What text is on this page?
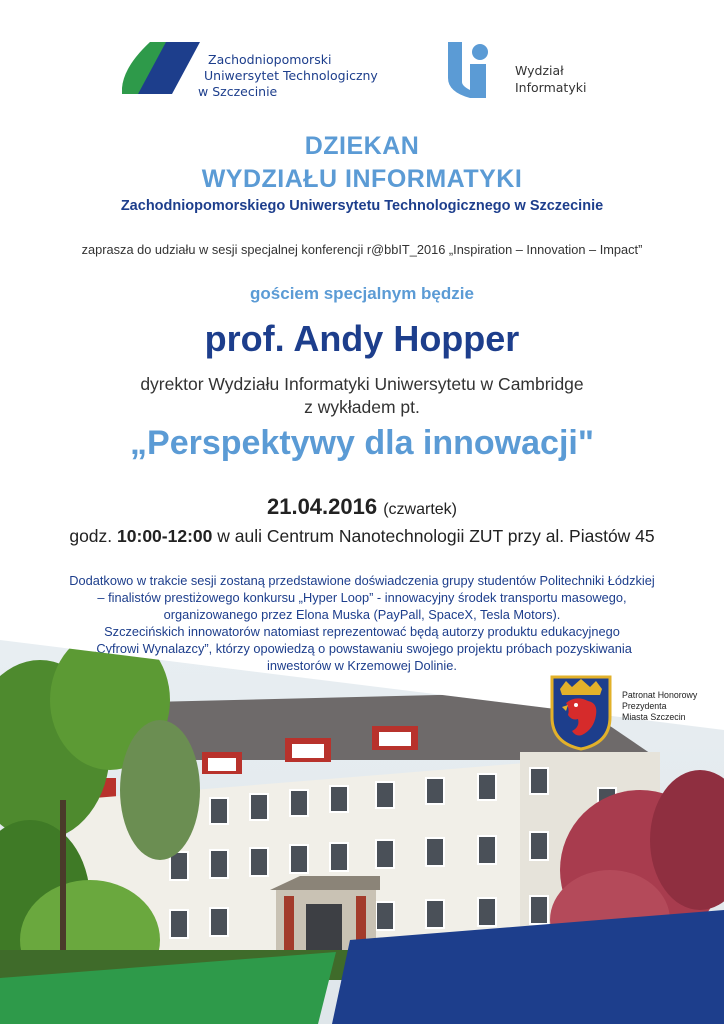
Zachodniopomorski
Uniwersytet Technologiczny
w Szczecinie
Wydział
Informatyki
DZIEKAN
WYDZIAŁU INFORMATYKI
Zachodniopomorskiego Uniwersytetu Technologicznego w Szczecinie
zaprasza do udziału w sesji specjalnej konferencji r@bbIT_2016 „Inspiration – Innovation – Impact”
gościem specjalnym będzie
prof. Andy Hopper
dyrektor Wydziału Informatyki Uniwersytetu w Cambridge
z wykładem pt.
„Perspektywy dla innowacji"
21.04.2016 (czwartek)
godz. 10:00-12:00 w auli Centrum Nanotechnologii ZUT przy al. Piastów 45
Dodatkowo w trakcie sesji zostaną przedstawione doświadczenia grupy studentów Politechniki Łódzkiej
– finalistów prestiżowego konkursu „Hyper Loop” - innowacyjny środek transportu masowego,
organizowanego przez Elona Muska (PayPall, SpaceX, Tesla Motors).
Szczecińskich innowatorów natomiast reprezentować będą autorzy produktu edukacyjnego
„Cyfrowi Wynalazcy”, którzy opowiedzą o powstawaniu swojego projektu próbach pozyskiwania
inwestorów w Krzemowej Dolinie.
Patronat Honorowy
Prezydenta
Miasta Szczecin
